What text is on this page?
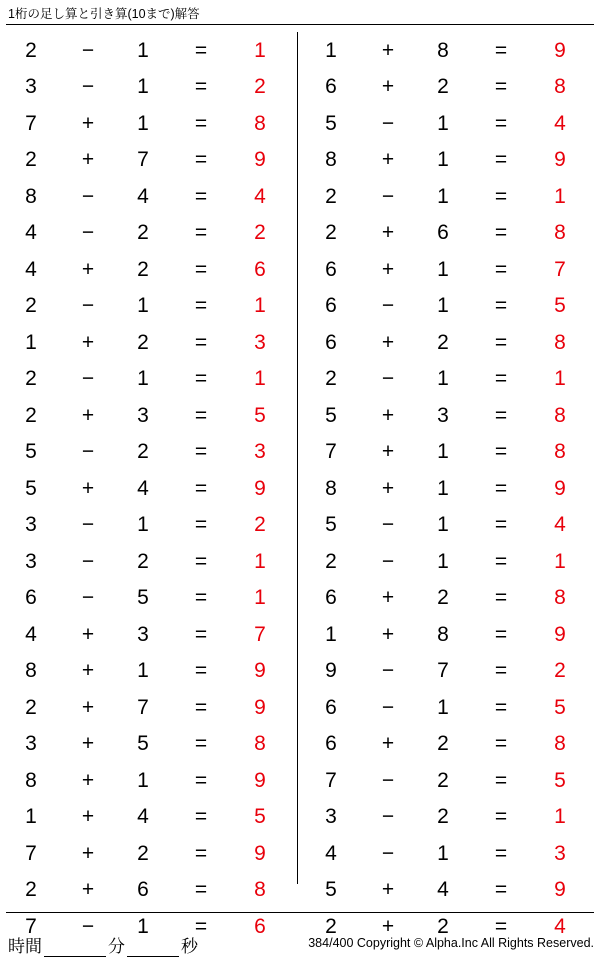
1桁の足し算と引き算(10まで)解答
2	−	1	=	1
3	−	1	=	2
7	+	1	=	8
2	+	7	=	9
8	−	4	=	4
4	−	2	=	2
4	+	2	=	6
2	−	1	=	1
1	+	2	=	3
2	−	1	=	1
2	+	3	=	5
5	−	2	=	3
5	+	4	=	9
3	−	1	=	2
3	−	2	=	1
6	−	5	=	1
4	+	3	=	7
8	+	1	=	9
2	+	7	=	9
3	+	5	=	8
8	+	1	=	9
1	+	4	=	5
7	+	2	=	9
2	+	6	=	8
7	−	1	=	6
1	+	8	=	9
6	+	2	=	8
5	−	1	=	4
8	+	1	=	9
2	−	1	=	1
2	+	6	=	8
6	+	1	=	7
6	−	1	=	5
6	+	2	=	8
2	−	1	=	1
5	+	3	=	8
7	+	1	=	8
8	+	1	=	9
5	−	1	=	4
2	−	1	=	1
6	+	2	=	8
1	+	8	=	9
9	−	7	=	2
6	−	1	=	5
6	+	2	=	8
7	−	2	=	5
3	−	2	=	1
4	−	1	=	3
5	+	4	=	9
2	+	2	=	4
時間	分	秒	384/400 Copyright © Alpha.Inc All Rights Reserved.
